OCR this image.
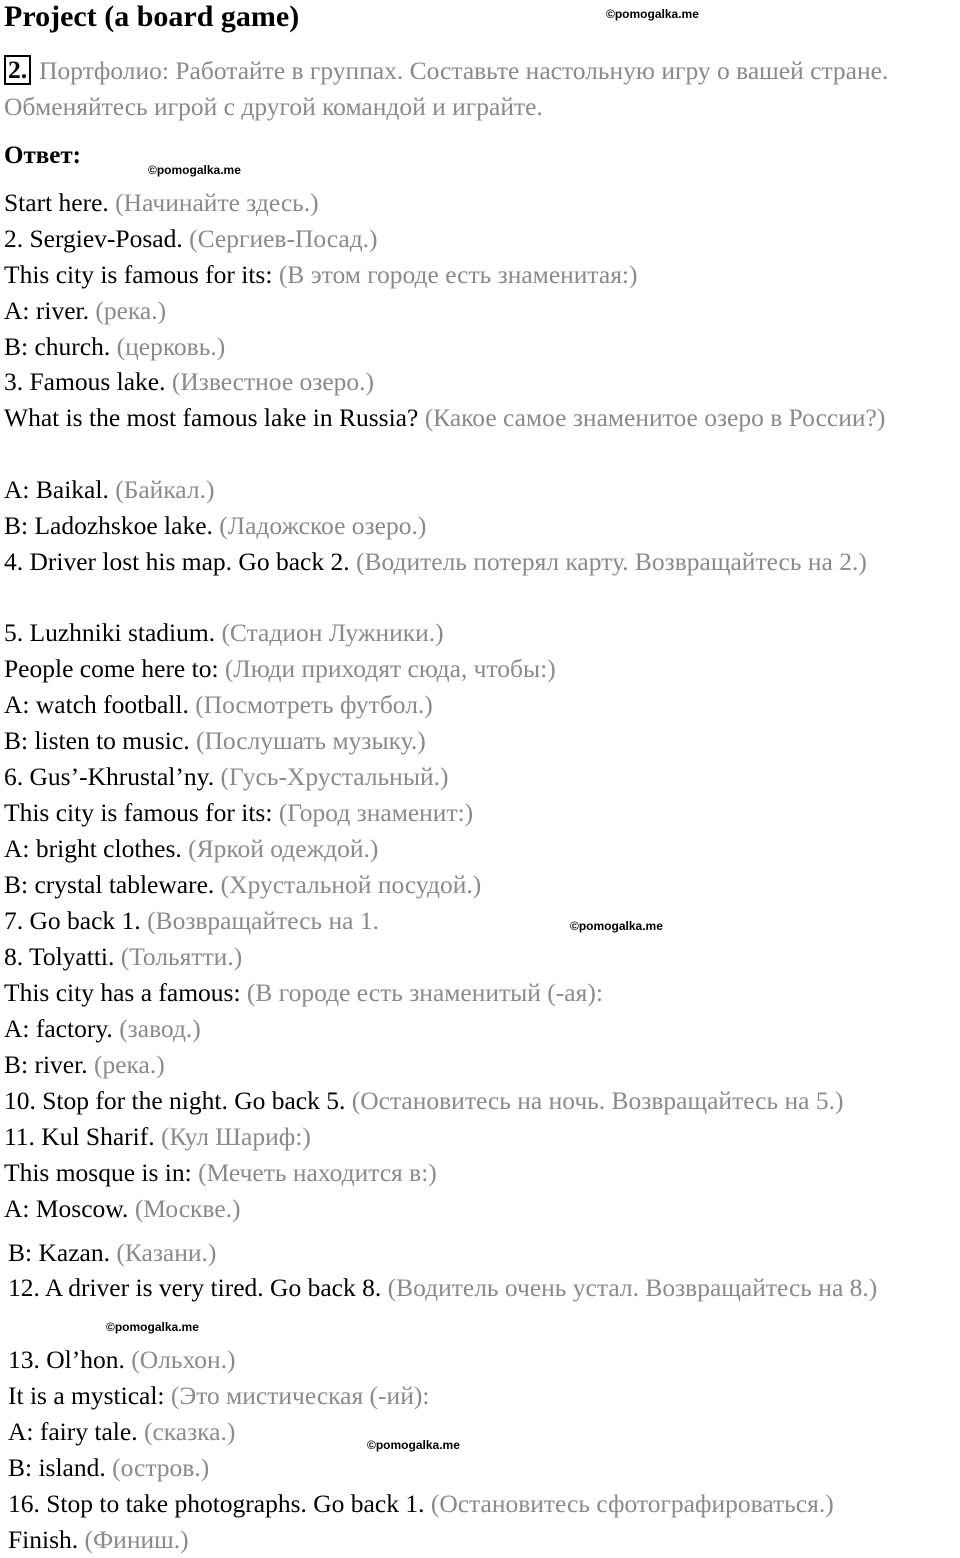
Project (a board game)	©pomogalka.me
2. Портфолио: Работайте в группах. Составьте настольную игру о вашей стране. Обменяйтесь игрой с другой командой и играйте.
Ответ:
©pomogalka.me
Start here. (Начинайте здесь.)
2. Sergiev-Posad. (Сергиев-Посад.)
This city is famous for its: (В этом городе есть знаменитая:)
A: river. (река.)
B: church. (церковь.)
3. Famous lake. (Известное озеро.)
What is the most famous lake in Russia? (Какое самое знаменитое озеро в России?)
A: Baikal. (Байкал.)
B: Ladozhskoe lake. (Ладожское озеро.)
4. Driver lost his map. Go back 2. (Водитель потерял карту. Возвращайтесь на 2.)
5. Luzhniki stadium. (Стадион Лужники.)
People come here to: (Люди приходят сюда, чтобы:)
A: watch football. (Посмотреть футбол.)
B: listen to music. (Послушать музыку.)
6. Gus’-Khrustal’ny. (Гусь-Хрустальный.)
This city is famous for its: (Город знаменит:)
A: bright clothes. (Яркой одеждой.)
B: crystal tableware. (Хрустальной посудой.)
7. Go back 1. (Возвращайтесь на 1.	©pomogalka.me
8. Tolyatti. (Тольятти.)
This city has a famous: (В городе есть знаменитый (-ая):
A: factory. (завод.)
B: river. (река.)
10. Stop for the night. Go back 5. (Остановитесь на ночь. Возвращайтесь на 5.)
11. Kul Sharif. (Кул Шариф:)
This mosque is in: (Мечеть находится в:)
A: Moscow. (Москве.)
B: Kazan. (Казани.)
12. A driver is very tired. Go back 8. (Водитель очень устал. Возвращайтесь на 8.)
©pomogalka.me
13. Ol’hon. (Ольхон.)
It is a mystical: (Это мистическая (-ий):
A: fairy tale. (сказка.)	©pomogalka.me
B: island. (остров.)
16. Stop to take photographs. Go back 1. (Остановитесь сфотографироваться.)
Finish. (Финиш.)
